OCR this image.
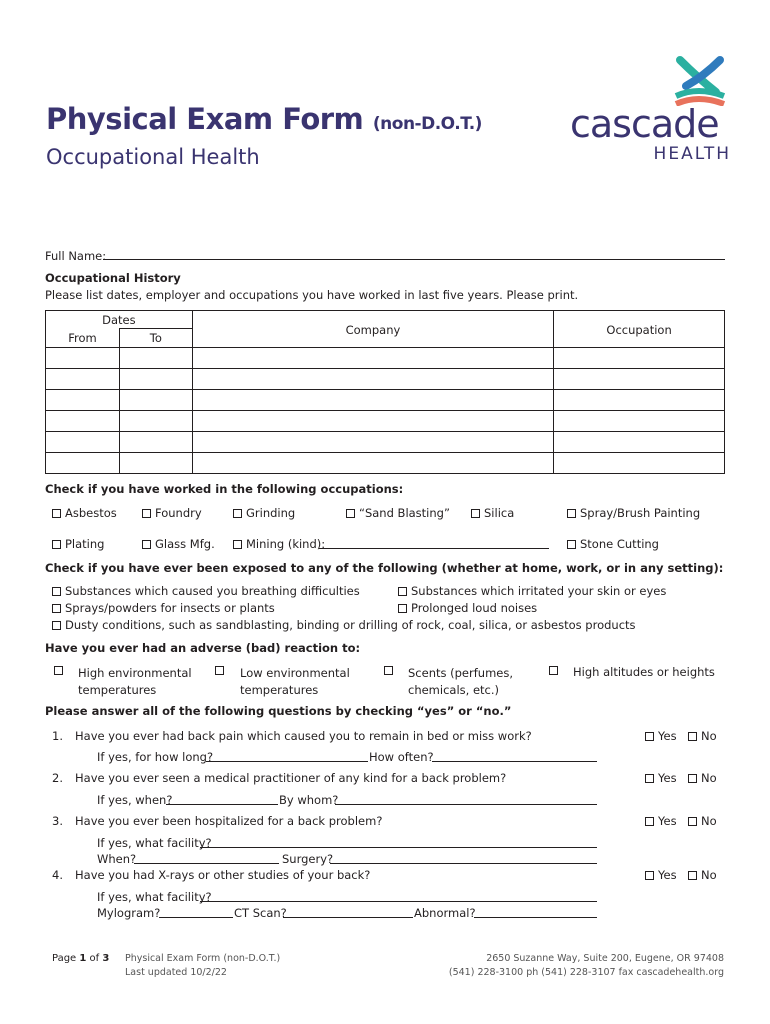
Physical Exam Form (non-D.O.T.)
Occupational Health
cascade
HEALTH
Full Name:
Occupational History
Please list dates, employer and occupations you have worked in last five years. Please print.
Dates		Company	Occupation
From	To		

Check if you have worked in the following occupations:
Asbestos	Foundry	Grinding	“Sand Blasting”	Silica	Spray/Brush Painting
Plating	Glass Mfg.	Mining (kind):	Stone Cutting
Check if you have ever been exposed to any of the following (whether at home, work, or in any setting):
Substances which caused you breathing difficulties	Substances which irritated your skin or eyes
Sprays/powders for insects or plants	Prolonged loud noises
Dusty conditions, such as sandblasting, binding or drilling of rock, coal, silica, or asbestos products
Have you ever had an adverse (bad) reaction to:
High environmental
temperatures
Low environmental
temperatures
Scents (perfumes,
chemicals, etc.)
High altitudes or heights
Please answer all of the following questions by checking “yes” or “no.”
1. Have you ever had back pain which caused you to remain in bed or miss work?	Yes	No
If yes, for how long?	How often?
2. Have you ever seen a medical practitioner of any kind for a back problem?	Yes	No
If yes, when?	By whom?
3. Have you ever been hospitalized for a back problem?	Yes	No
If yes, what facility?
When?	Surgery?
4. Have you had X-rays or other studies of your back?	Yes	No
If yes, what facility?
Mylogram?	CT Scan?	Abnormal?
Page 1 of 3 Physical Exam Form (non-D.O.T.)
Last updated 10/2/22
2650 Suzanne Way, Suite 200, Eugene, OR 97408
(541) 228-3100 ph (541) 228-3107 fax cascadehealth.org
